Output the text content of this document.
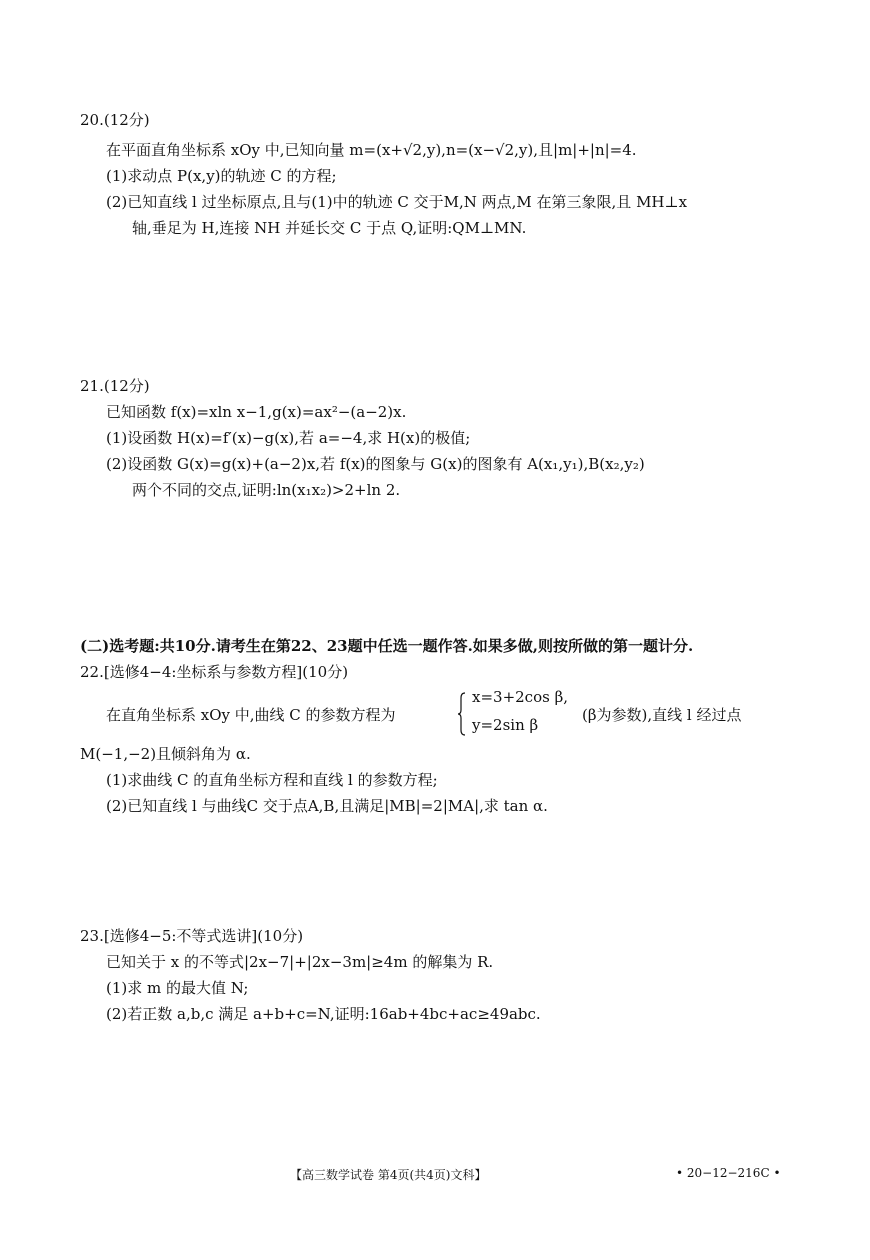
20.(12分)
在平面直角坐标系 xOy 中,已知向量 m=(x+√2,y),n=(x−√2,y),且|m|+|n|=4.
(1)求动点 P(x,y)的轨迹 C 的方程;
(2)已知直线 l 过坐标原点,且与(1)中的轨迹 C 交于M,N 两点,M 在第三象限,且 MH⊥x
轴,垂足为 H,连接 NH 并延长交 C 于点 Q,证明:QM⊥MN.
21.(12分)
已知函数 f(x)=xln x−1,g(x)=ax²−(a−2)x.
(1)设函数 H(x)=f′(x)−g(x),若 a=−4,求 H(x)的极值;
(2)设函数 G(x)=g(x)+(a−2)x,若 f(x)的图象与 G(x)的图象有 A(x₁,y₁),B(x₂,y₂)
两个不同的交点,证明:ln(x₁x₂)>2+ln 2.
(二)选考题:共10分.请考生在第22、23题中任选一题作答.如果多做,则按所做的第一题计分.
22.[选修4−4:坐标系与参数方程](10分)
在直角坐标系 xOy 中,曲线 C 的参数方程为
x=3+2cos β,
y=2sin β
(β为参数),直线 l 经过点
M(−1,−2)且倾斜角为 α.
(1)求曲线 C 的直角坐标方程和直线 l 的参数方程;
(2)已知直线 l 与曲线C 交于点A,B,且满足|MB|=2|MA|,求 tan α.
23.[选修4−5:不等式选讲](10分)
已知关于 x 的不等式|2x−7|+|2x−3m|≥4m 的解集为 R.
(1)求 m 的最大值 N;
(2)若正数 a,b,c 满足 a+b+c=N,证明:16ab+4bc+ac≥49abc.
【高三数学试卷 第4页(共4页)文科】	• 20−12−216C •
